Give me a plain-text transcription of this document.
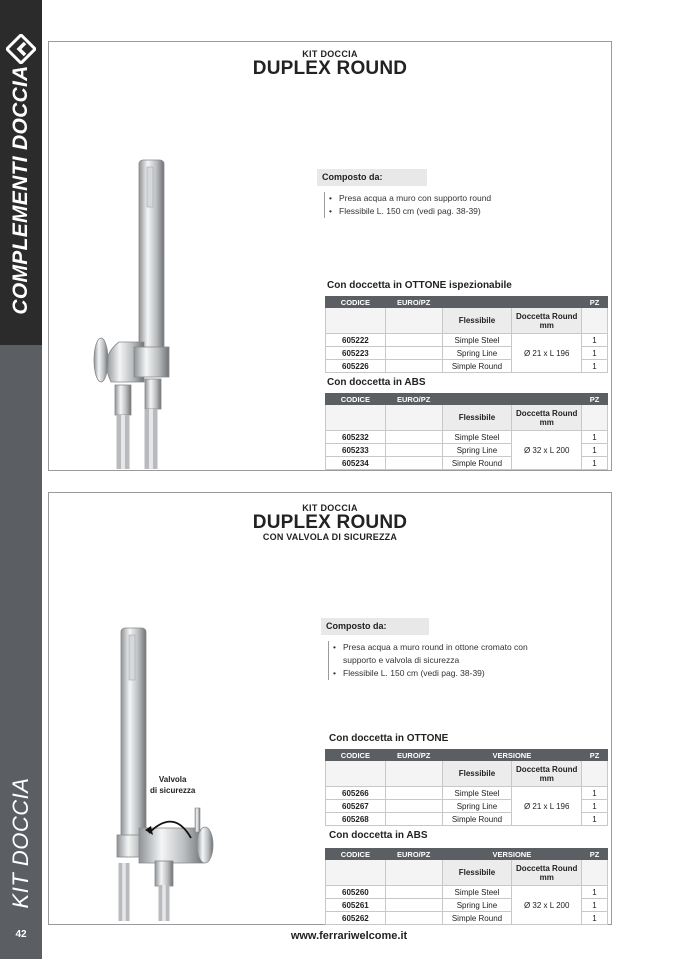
COMPLEMENTI DOCCIA
KIT DOCCIA
42
KIT DOCCIA
DUPLEX ROUND
Composto da:
• Presa acqua a muro con supporto round
• Flessibile L. 150 cm (vedi pag. 38-39)
Con doccetta in OTTONE ispezionabile
CODICE	EURO/PZ			PZ
		Flessibile	Doccetta Round mm	
605222		Simple Steel	Ø 21 x L 196	1
605223		Spring Line		1
605226		Simple Round		1
Con doccetta in ABS
CODICE	EURO/PZ			PZ
		Flessibile	Doccetta Round mm	
605232		Simple Steel	Ø 32 x L 200	1
605233		Spring Line		1
605234		Simple Round		1
KIT DOCCIA
DUPLEX ROUND
CON VALVOLA DI SICUREZZA
Composto da:
• Presa acqua a muro round in ottone cromato con
supporto e valvola di sicurezza
• Flessibile L. 150 cm (vedi pag. 38-39)
Con doccetta in OTTONE
CODICE	EURO/PZ	VERSIONE		PZ
		Flessibile	Doccetta Round mm	
605266		Simple Steel	Ø 21 x L 196	1
605267		Spring Line		1
605268		Simple Round		1
Con doccetta in ABS
CODICE	EURO/PZ	VERSIONE		PZ
		Flessibile	Doccetta Round mm	
605260		Simple Steel	Ø 32 x L 200	1
605261		Spring Line		1
605262		Simple Round		1
Valvola
di sicurezza
www.ferrariwelcome.it
